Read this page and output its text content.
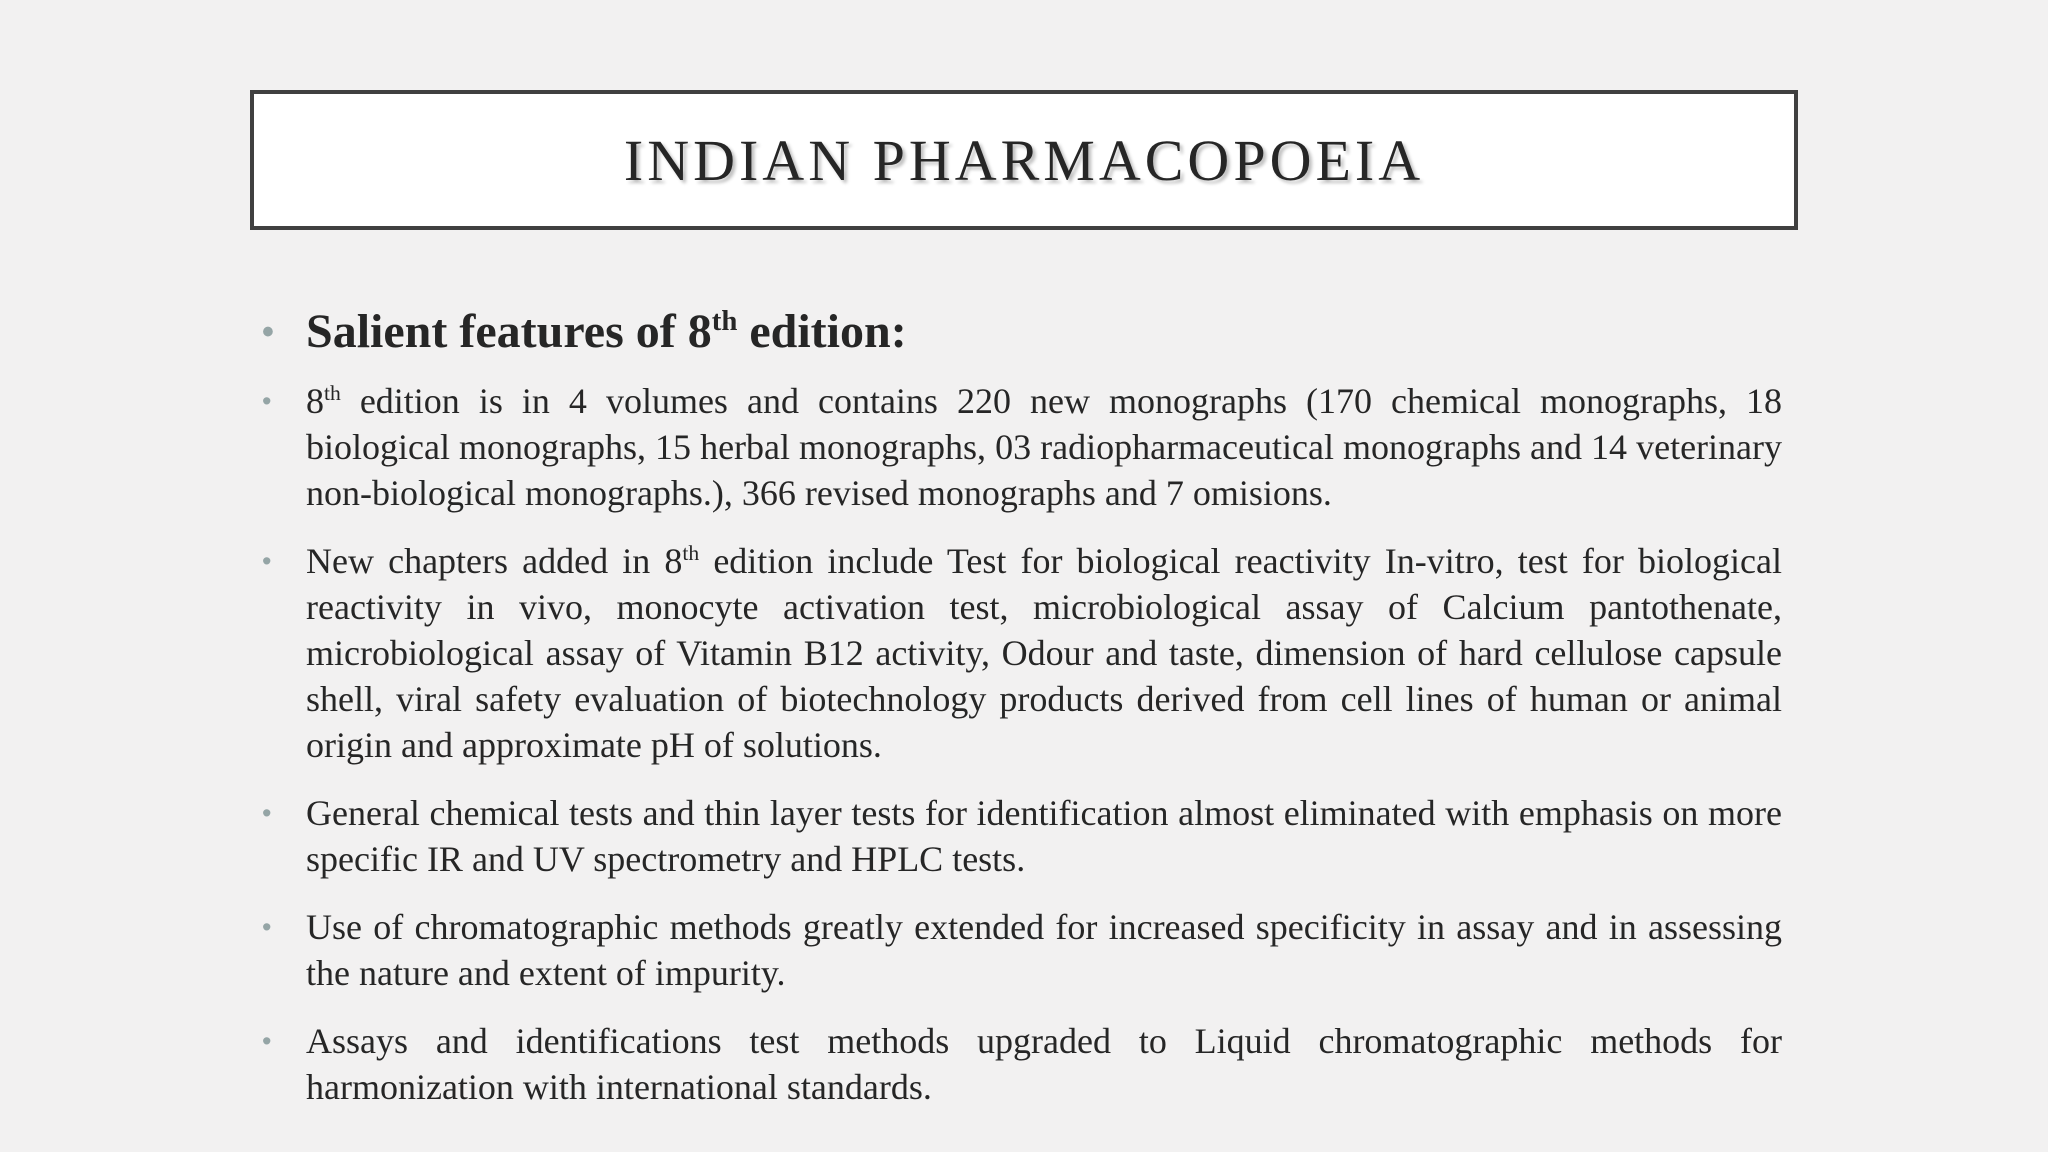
INDIAN PHARMACOPOEIA
• Salient features of 8th edition:
• 8th edition is in 4 volumes and contains 220 new monographs (170 chemical monographs, 18 biological monographs, 15 herbal monographs, 03 radiopharmaceutical monographs and 14 veterinary non-biological monographs.), 366 revised monographs and 7 omisions.
• New chapters added in 8th edition include Test for biological reactivity In-vitro, test for biological reactivity in vivo, monocyte activation test, microbiological assay of Calcium pantothenate, microbiological assay of Vitamin B12 activity, Odour and taste, dimension of hard cellulose capsule shell, viral safety evaluation of biotechnology products derived from cell lines of human or animal origin and approximate pH of solutions.
• General chemical tests and thin layer tests for identification almost eliminated with emphasis on more specific IR and UV spectrometry and HPLC tests.
• Use of chromatographic methods greatly extended for increased specificity in assay and in assessing the nature and extent of impurity.
• Assays and identifications test methods upgraded to Liquid chromatographic methods for harmonization with international standards.
